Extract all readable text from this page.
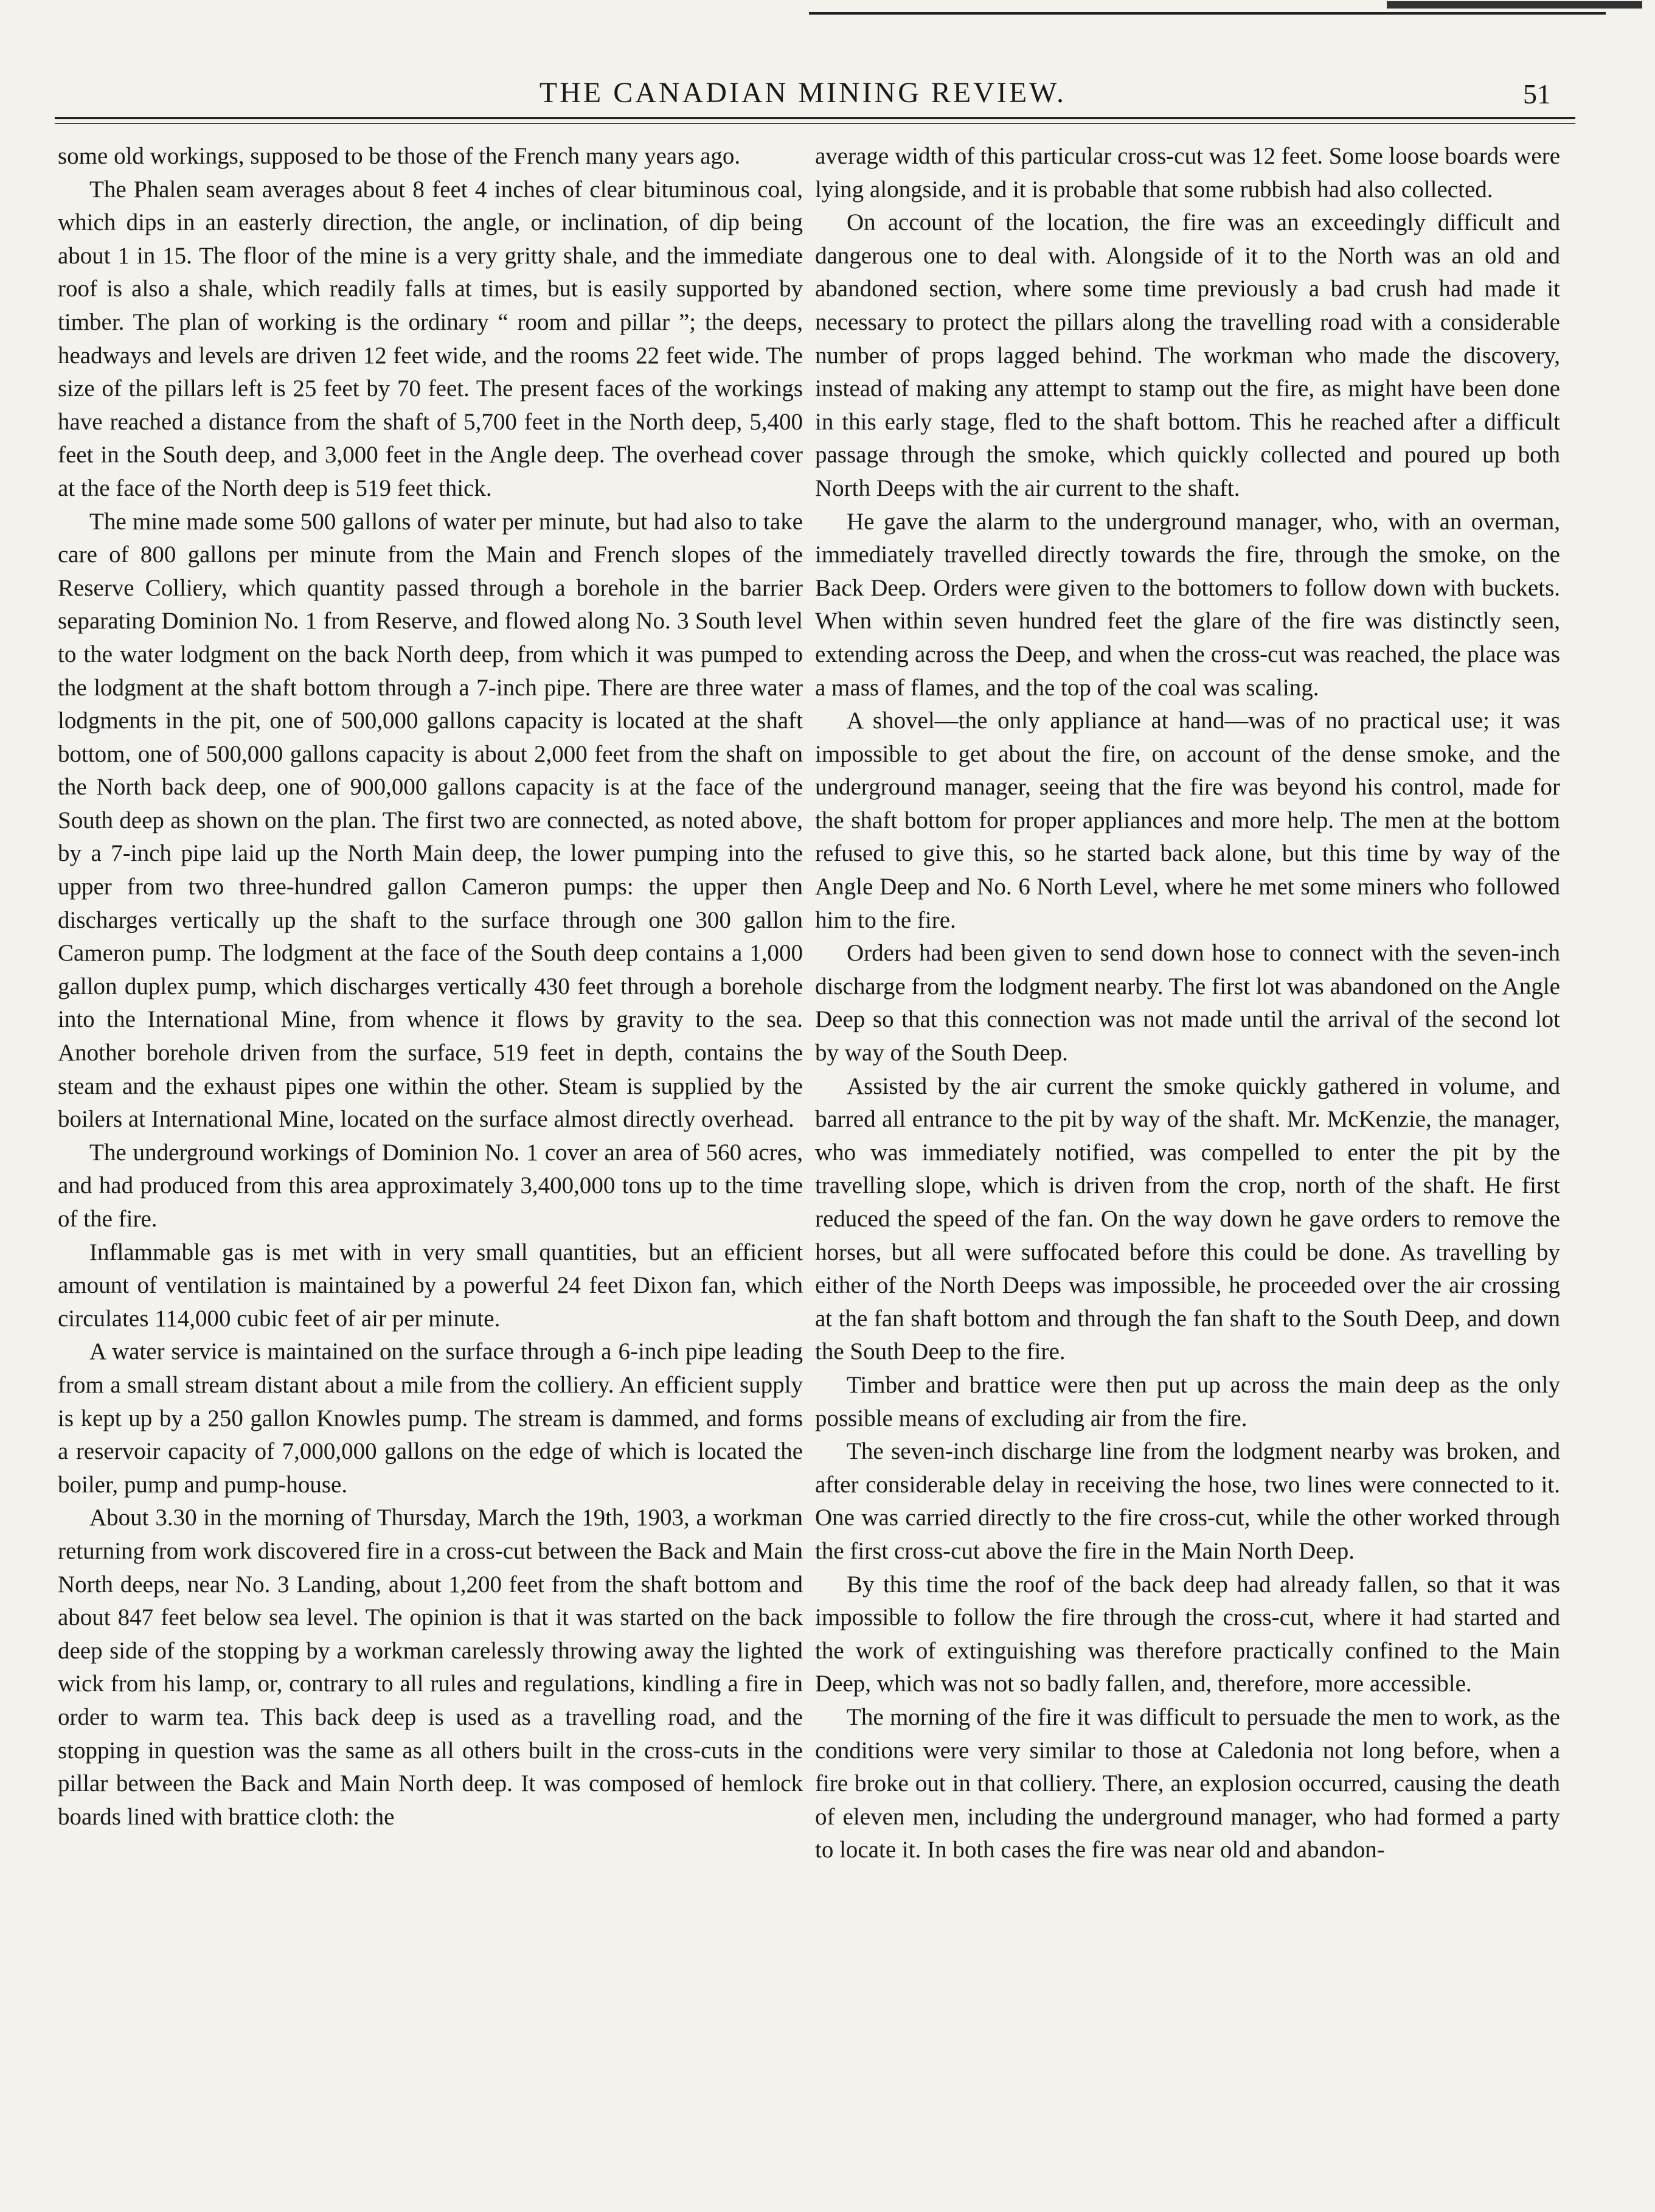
THE CANADIAN MINING REVIEW.	51

some old workings, supposed to be those of the French many years ago.

The Phalen seam averages about 8 feet 4 inches of clear bituminous coal, which dips in an easterly direction, the angle, or inclination, of dip being about 1 in 15. The floor of the mine is a very gritty shale, and the immediate roof is also a shale, which readily falls at times, but is easily supported by timber. The plan of working is the ordinary “ room and pillar ”; the deeps, headways and levels are driven 12 feet wide, and the rooms 22 feet wide. The size of the pillars left is 25 feet by 70 feet. The present faces of the workings have reached a distance from the shaft of 5,700 feet in the North deep, 5,400 feet in the South deep, and 3,000 feet in the Angle deep. The overhead cover at the face of the North deep is 519 feet thick.

The mine made some 500 gallons of water per minute, but had also to take care of 800 gallons per minute from the Main and French slopes of the Reserve Colliery, which quantity passed through a borehole in the barrier separating Dominion No. 1 from Reserve, and flowed along No. 3 South level to the water lodgment on the back North deep, from which it was pumped to the lodgment at the shaft bottom through a 7-inch pipe. There are three water lodgments in the pit, one of 500,000 gallons capacity is located at the shaft bottom, one of 500,000 gallons capacity is about 2,000 feet from the shaft on the North back deep, one of 900,000 gallons capacity is at the face of the South deep as shown on the plan. The first two are connected, as noted above, by a 7-inch pipe laid up the North Main deep, the lower pumping into the upper from two three-hundred gallon Cameron pumps: the upper then discharges vertically up the shaft to the surface through one 300 gallon Cameron pump. The lodgment at the face of the South deep contains a 1,000 gallon duplex pump, which discharges vertically 430 feet through a borehole into the International Mine, from whence it flows by gravity to the sea. Another borehole driven from the surface, 519 feet in depth, contains the steam and the exhaust pipes one within the other. Steam is supplied by the boilers at International Mine, located on the surface almost directly overhead.

The underground workings of Dominion No. 1 cover an area of 560 acres, and had produced from this area approximately 3,400,000 tons up to the time of the fire.

Inflammable gas is met with in very small quantities, but an efficient amount of ventilation is maintained by a powerful 24 feet Dixon fan, which circulates 114,000 cubic feet of air per minute.

A water service is maintained on the surface through a 6-inch pipe leading from a small stream distant about a mile from the colliery. An efficient supply is kept up by a 250 gallon Knowles pump. The stream is dammed, and forms a reservoir capacity of 7,000,000 gallons on the edge of which is located the boiler, pump and pump-house.

About 3.30 in the morning of Thursday, March the 19th, 1903, a workman returning from work discovered fire in a cross-cut between the Back and Main North deeps, near No. 3 Landing, about 1,200 feet from the shaft bottom and about 847 feet below sea level. The opinion is that it was started on the back deep side of the stopping by a workman carelessly throwing away the lighted wick from his lamp, or, contrary to all rules and regulations, kindling a fire in order to warm tea. This back deep is used as a travelling road, and the stopping in question was the same as all others built in the cross-cuts in the pillar between the Back and Main North deep. It was composed of hemlock boards lined with brattice cloth: the

average width of this particular cross-cut was 12 feet. Some loose boards were lying alongside, and it is probable that some rubbish had also collected.

On account of the location, the fire was an exceedingly difficult and dangerous one to deal with. Alongside of it to the North was an old and abandoned section, where some time previously a bad crush had made it necessary to protect the pillars along the travelling road with a considerable number of props lagged behind. The workman who made the discovery, instead of making any attempt to stamp out the fire, as might have been done in this early stage, fled to the shaft bottom. This he reached after a difficult passage through the smoke, which quickly collected and poured up both North Deeps with the air current to the shaft.

He gave the alarm to the underground manager, who, with an overman, immediately travelled directly towards the fire, through the smoke, on the Back Deep. Orders were given to the bottomers to follow down with buckets. When within seven hundred feet the glare of the fire was distinctly seen, extending across the Deep, and when the cross-cut was reached, the place was a mass of flames, and the top of the coal was scaling.

A shovel—the only appliance at hand—was of no practical use; it was impossible to get about the fire, on account of the dense smoke, and the underground manager, seeing that the fire was beyond his control, made for the shaft bottom for proper appliances and more help. The men at the bottom refused to give this, so he started back alone, but this time by way of the Angle Deep and No. 6 North Level, where he met some miners who followed him to the fire.

Orders had been given to send down hose to connect with the seven-inch discharge from the lodgment nearby. The first lot was abandoned on the Angle Deep so that this connection was not made until the arrival of the second lot by way of the South Deep.

Assisted by the air current the smoke quickly gathered in volume, and barred all entrance to the pit by way of the shaft. Mr. McKenzie, the manager, who was immediately notified, was compelled to enter the pit by the travelling slope, which is driven from the crop, north of the shaft. He first reduced the speed of the fan. On the way down he gave orders to remove the horses, but all were suffocated before this could be done. As travelling by either of the North Deeps was impossible, he proceeded over the air crossing at the fan shaft bottom and through the fan shaft to the South Deep, and down the South Deep to the fire.

Timber and brattice were then put up across the main deep as the only possible means of excluding air from the fire.

The seven-inch discharge line from the lodgment nearby was broken, and after considerable delay in receiving the hose, two lines were connected to it. One was carried directly to the fire cross-cut, while the other worked through the first cross-cut above the fire in the Main North Deep.

By this time the roof of the back deep had already fallen, so that it was impossible to follow the fire through the cross-cut, where it had started and the work of extinguishing was therefore practically confined to the Main Deep, which was not so badly fallen, and, therefore, more accessible.

The morning of the fire it was difficult to persuade the men to work, as the conditions were very similar to those at Caledonia not long before, when a fire broke out in that colliery. There, an explosion occurred, causing the death of eleven men, including the underground manager, who had formed a party to locate it. In both cases the fire was near old and abandon-
